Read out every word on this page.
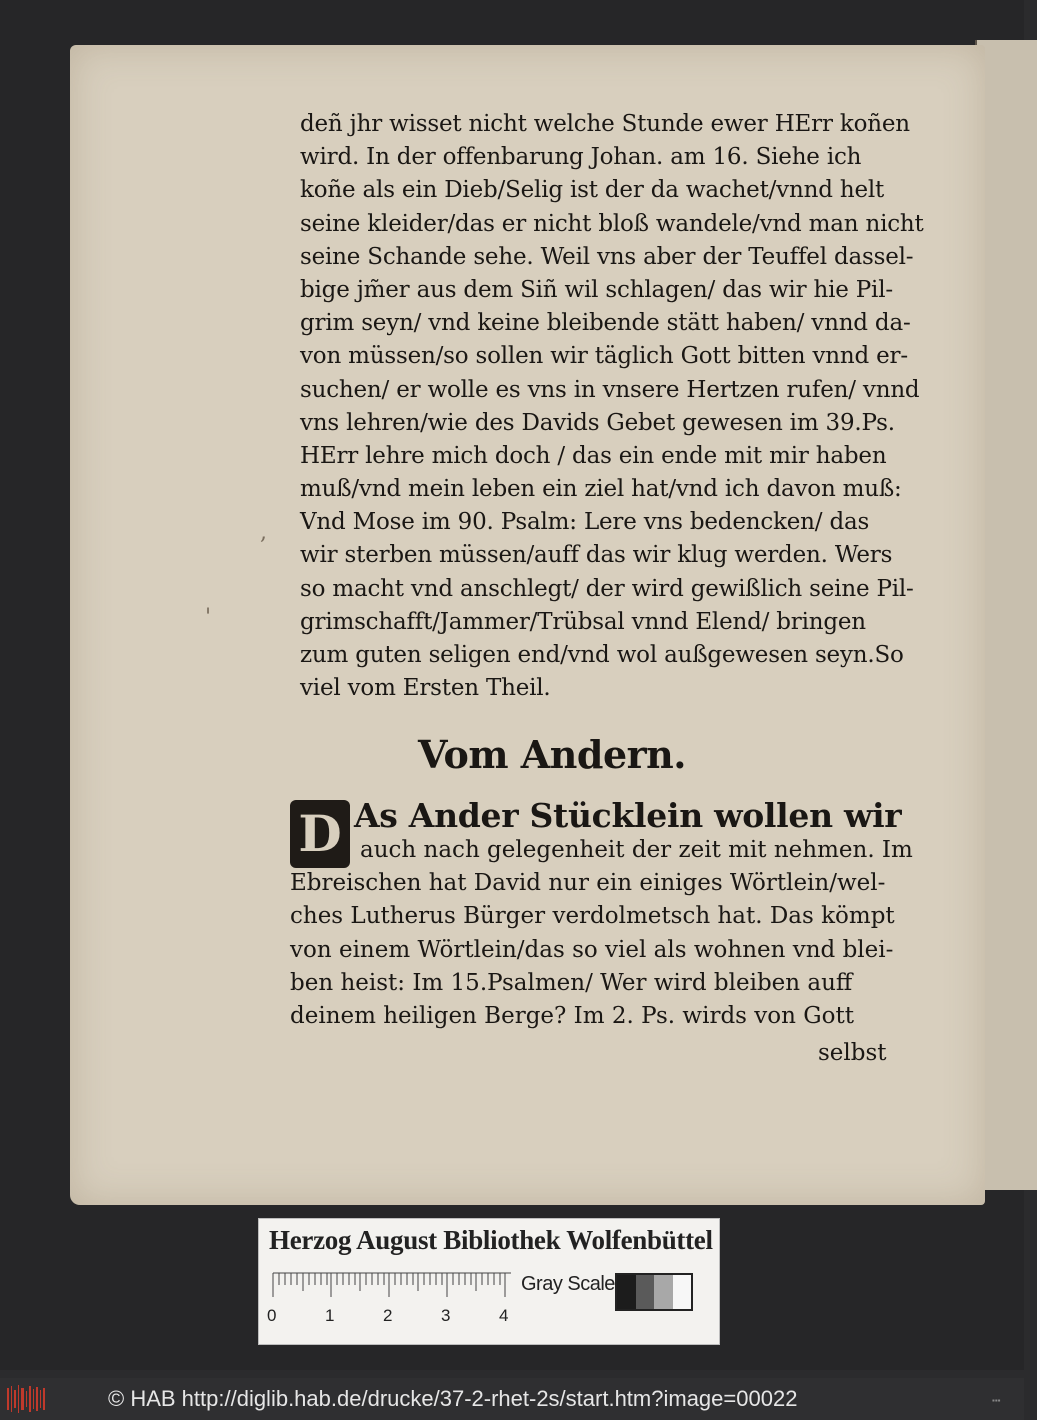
,
'
deñ jhr wisset nicht welche Stunde ewer HErr koñen
wird. In der offenbarung Johan. am 16. Siehe ich
koñe als ein Dieb/Selig ist der da wachet/vnnd helt
seine kleider/das er nicht bloß wandele/vnd man nicht
seine Schande sehe. Weil vns aber der Teuffel dassel-
bige jm̃er aus dem Siñ wil schlagen/ das wir hie Pil-
grim seyn/ vnd keine bleibende stätt haben/ vnnd da-
von müssen/so sollen wir täglich Gott bitten vnnd er-
suchen/ er wolle es vns in vnsere Hertzen rufen/ vnnd
vns lehren/wie des Davids Gebet gewesen im 39.Ps.
HErr lehre mich doch / das ein ende mit mir haben
muß/vnd mein leben ein ziel hat/vnd ich davon muß:
Vnd Mose im 90. Psalm: Lere vns bedencken/ das
wir sterben müssen/auff das wir klug werden. Wers
so macht vnd anschlegt/ der wird gewißlich seine Pil-
grimschafft/Jammer/Trübsal vnnd Elend/ bringen
zum guten seligen end/vnd wol außgewesen seyn.So
viel vom Ersten Theil.
Vom Andern.
D As Ander Stücklein wollen wir
auch nach gelegenheit der zeit mit nehmen. Im
Ebreischen hat David nur ein einiges Wörtlein/wel-
ches Lutherus Bürger verdolmetsch hat. Das kömpt
von einem Wörtlein/das so viel als wohnen vnd blei-
ben heist: Im 15.Psalmen/ Wer wird bleiben auff
deinem heiligen Berge? Im 2. Ps. wirds von Gott
selbst
Herzog August Bibliothek Wolfenbüttel
0	1	2	3	4
Gray Scale
© HAB http://diglib.hab.de/drucke/37-2-rhet-2s/start.htm?image=00022	▪▪▪
